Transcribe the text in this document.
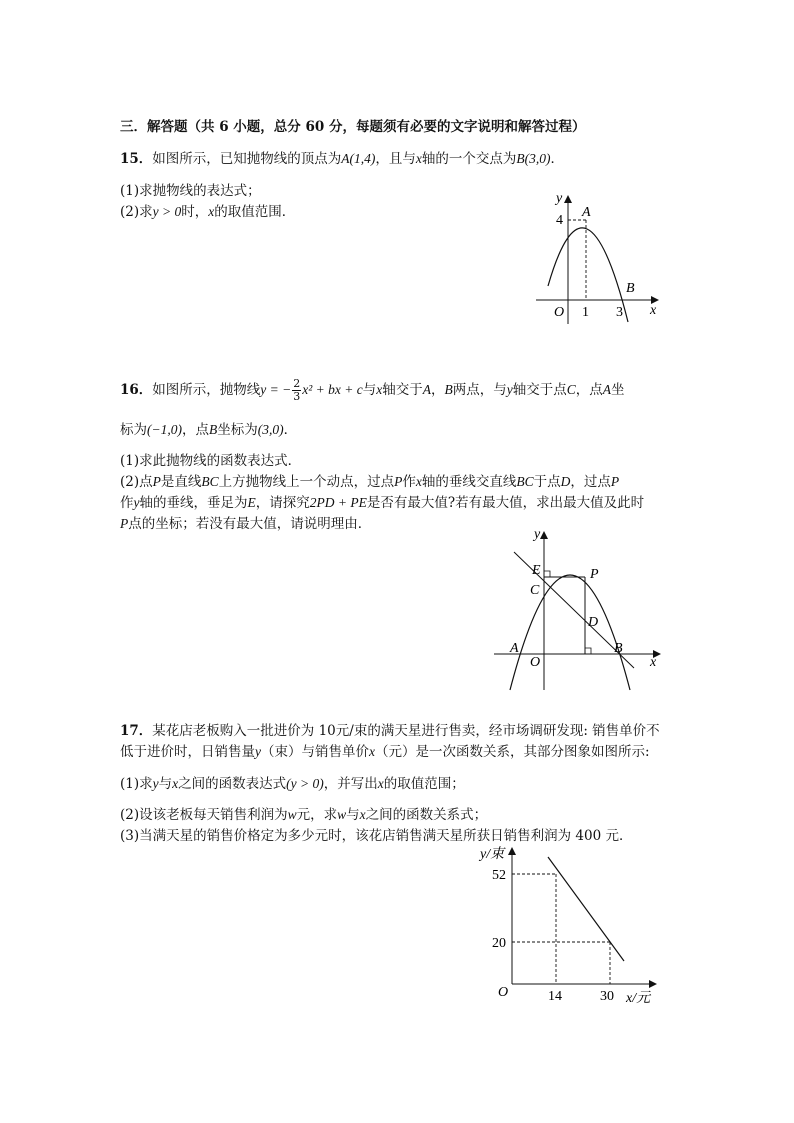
三．解答题（共 6 小题，总分 60 分，每题须有必要的文字说明和解答过程）
15．如图所示，已知抛物线的顶点为A(1,4)，且与x轴的一个交点为B(3,0)．
(1)求抛物线的表达式；
(2)求y > 0时，x的取值范围．
y
x
O
A
B
4
1 3
16．如图所示，抛物线y = − $\frac{2}{3} x^2$ + bx + c与x轴交于A，B两点，与y轴交于点C，点A坐
标为(−1,0)，点B坐标为(3,0)．
(1)求此抛物线的函数表达式．
(2)点P是直线BC上方抛物线上一个动点，过点P作x轴的垂线交直线BC于点D，过点P
作y轴的垂线，垂足为E，请探究2PD + PE是否有最大值?若有最大值，求出最大值及此时
P点的坐标；若没有最大值，请说明理由．
y
x
O
A	B
C
D
E	P
17．某花店老板购入一批进价为 10元/束的满天星进行售卖，经市场调研发现: 销售单价不
低于进价时，日销售量y（束）与销售单价x（元）是一次函数关系，其部分图象如图所示:
(1)求y与x之间的函数表达式(y > 0)，并写出x的取值范围；
(2)设该老板每天销售利润为w元，求w与x之间的函数关系式；
(3)当满天星的销售价格定为多少元时，该花店销售满天星所获日销售利润为 400 元．
y/束
x/元
O
52
20
14	30
